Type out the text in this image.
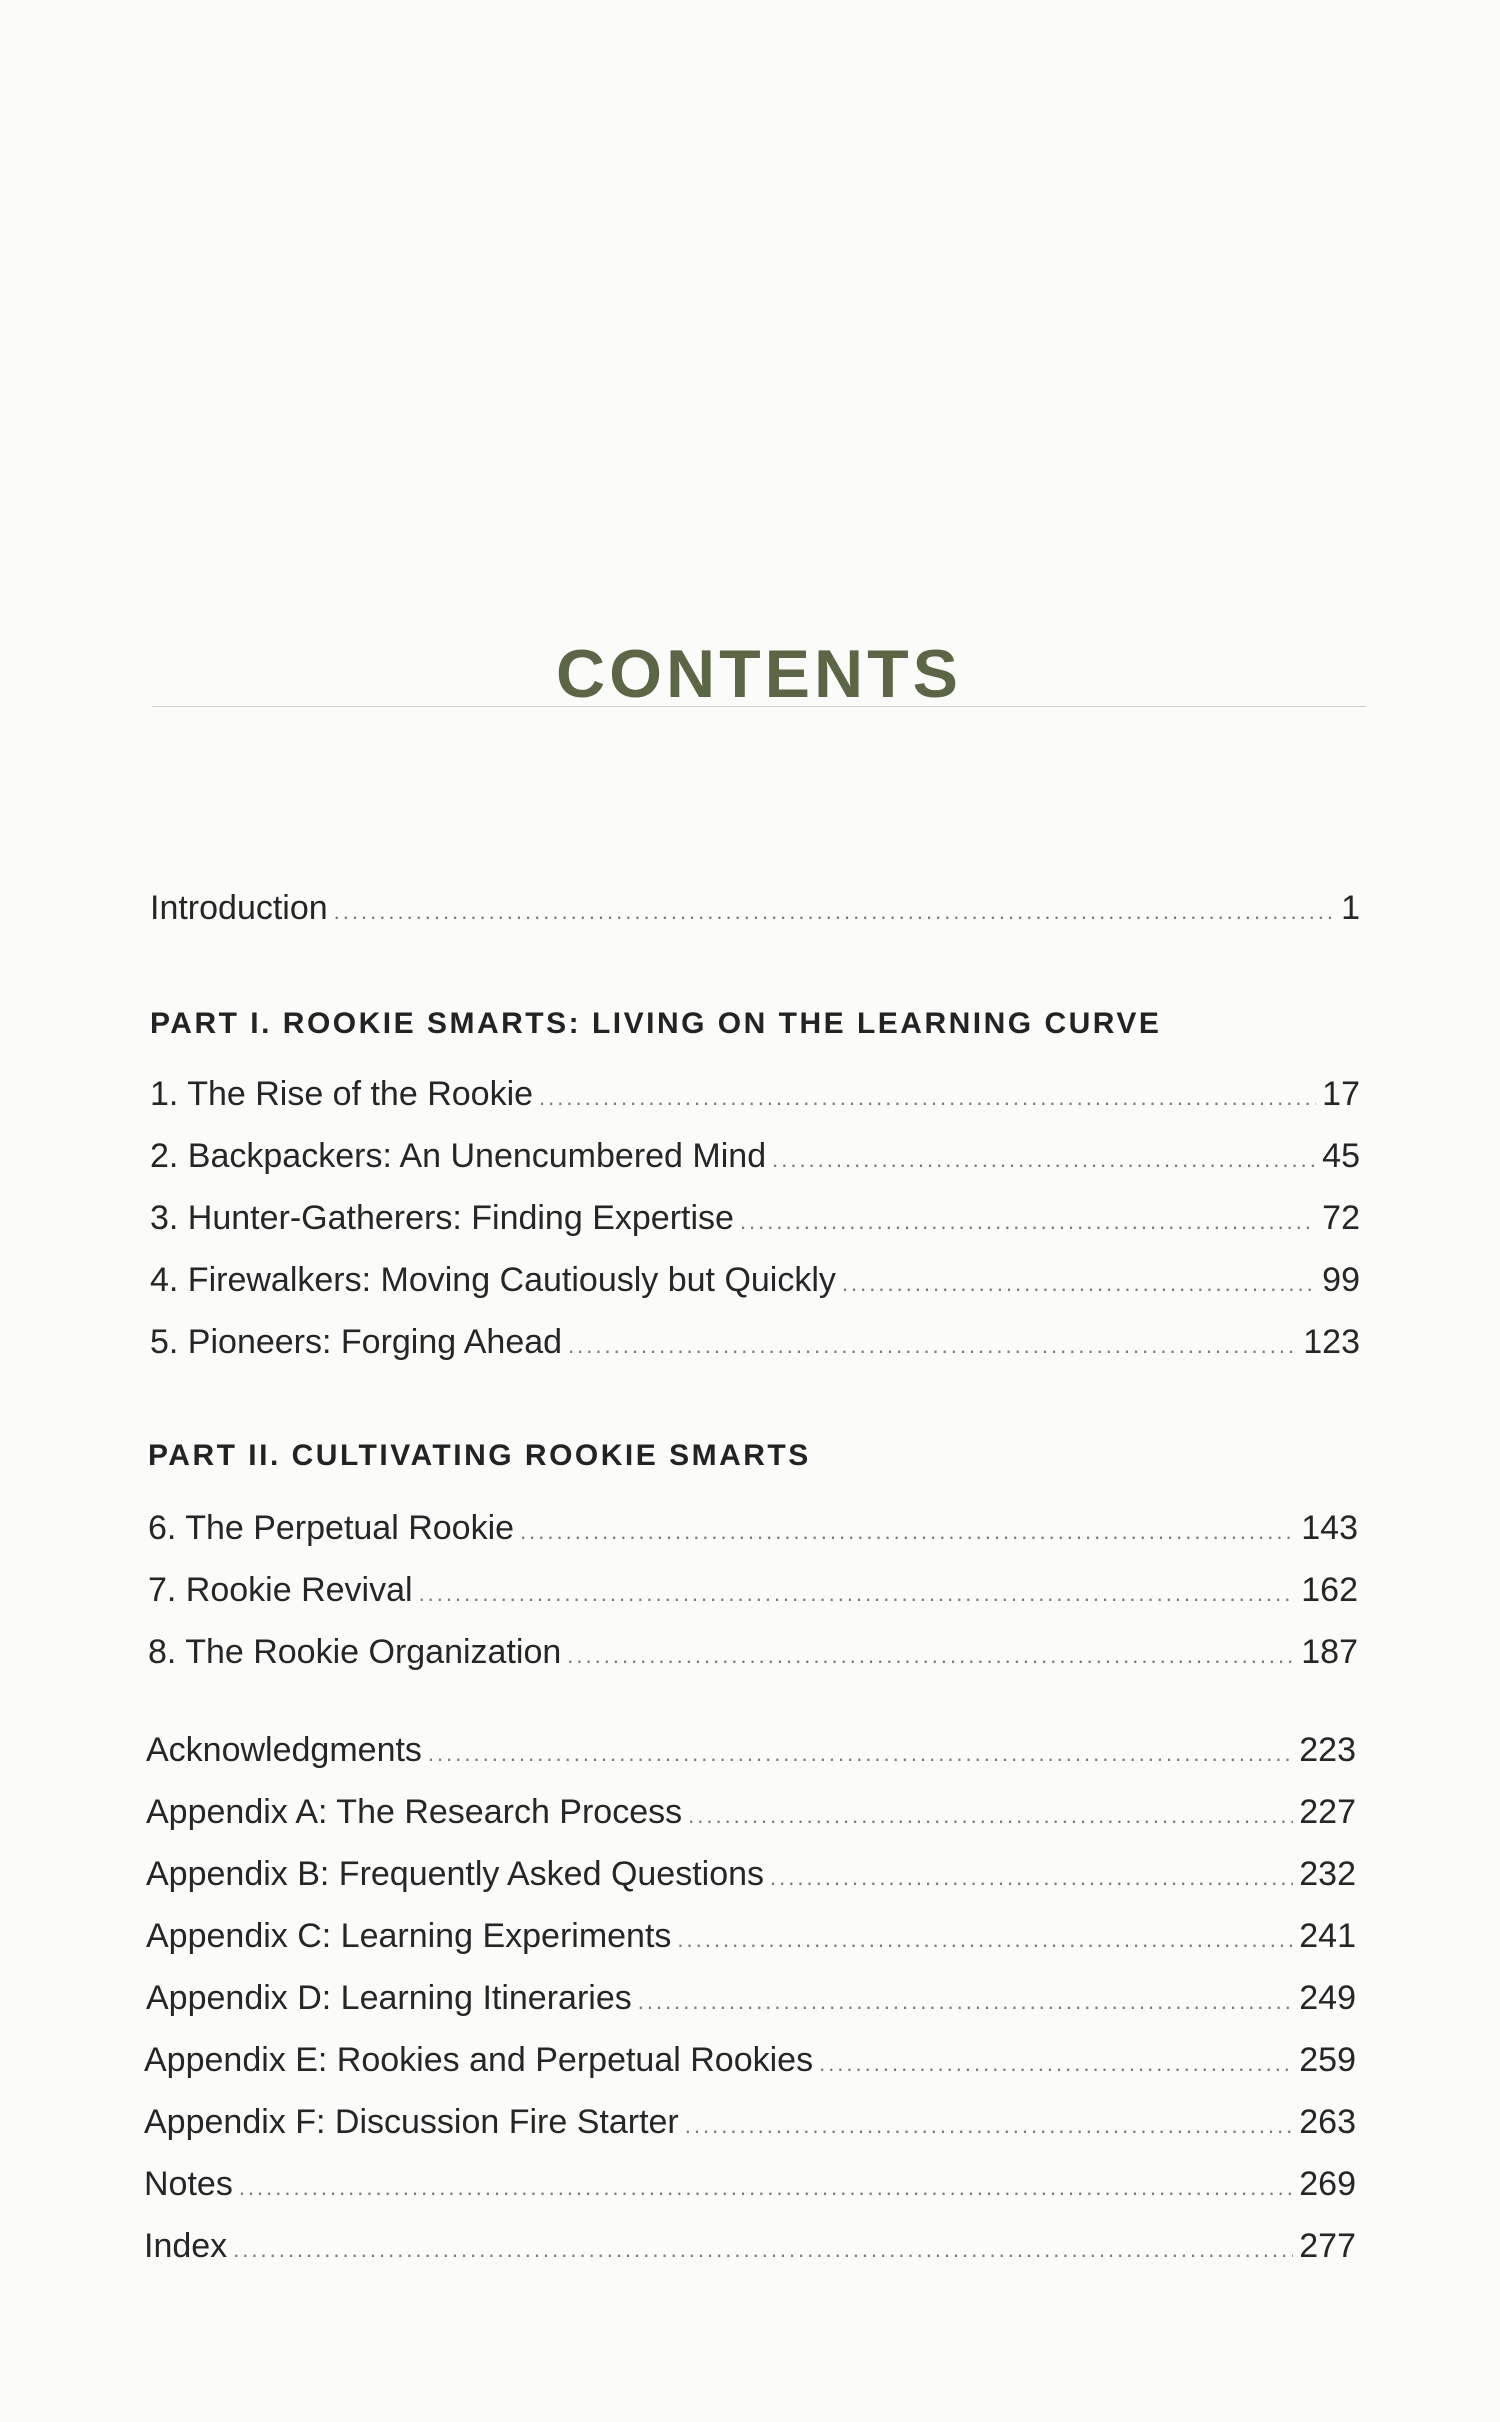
CONTENTS
Introduction .....	1
PART I. ROOKIE SMARTS: LIVING ON THE LEARNING CURVE
1. The Rise of the Rookie .....	17
2. Backpackers: An Unencumbered Mind .....	45
3. Hunter-Gatherers: Finding Expertise .....	72
4. Firewalkers: Moving Cautiously but Quickly .....	99
5. Pioneers: Forging Ahead .....	123
PART II. CULTIVATING ROOKIE SMARTS
6. The Perpetual Rookie .....	143
7. Rookie Revival .....	162
8. The Rookie Organization .....	187
Acknowledgments .....	223
Appendix A: The Research Process .....	227
Appendix B: Frequently Asked Questions .....	232
Appendix C: Learning Experiments .....	241
Appendix D: Learning Itineraries .....	249
Appendix E: Rookies and Perpetual Rookies .....	259
Appendix F: Discussion Fire Starter .....	263
Notes .....	269
Index .....	277
